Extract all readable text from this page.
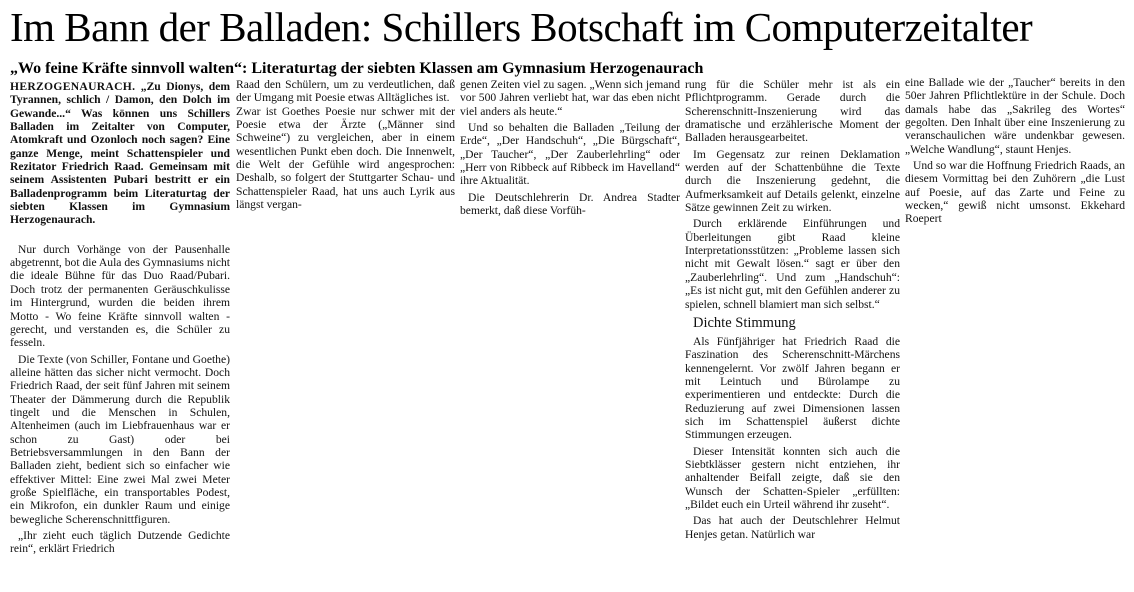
Im Bann der Balladen: Schillers Botschaft im Computerzeitalter
„Wo feine Kräfte sinnvoll walten“: Literaturtag der siebten Klassen am Gymnasium Herzogenaurach

HERZOGENAURACH. „Zu Dionys, dem Tyrannen, schlich / Damon, den Dolch im Gewande...“ Was können uns Schillers Balladen im Zeitalter von Computer, Atomkraft und Ozonloch noch sagen? Eine ganze Menge, meint Schattenspieler und Rezitator Friedrich Raad. Gemeinsam mit seinem Assistenten Pubari bestritt er ein Balladenprogramm beim Literaturtag der siebten Klassen im Gymnasium Herzogenaurach.

Nur durch Vorhänge von der Pausenhalle abgetrennt, bot die Aula des Gymnasiums nicht die ideale Bühne für das Duo Raad/Pubari. Doch trotz der permanenten Geräuschkulisse im Hintergrund, wurden die beiden ihrem Motto - Wo feine Kräfte sinnvoll walten - gerecht, und verstanden es, die Schüler zu fesseln.

Die Texte (von Schiller, Fontane und Goethe) alleine hätten das sicher nicht vermocht. Doch Friedrich Raad, der seit fünf Jahren mit seinem Theater der Dämmerung durch die Republik tingelt und die Menschen in Schulen, Altenheimen (auch im Liebfrauenhaus war er schon zu Gast) oder bei Betriebsversammlungen in den Bann der Balladen zieht, bedient sich so einfacher wie effektiver Mittel: Eine zwei Mal zwei Meter große Spielfläche, ein transportables Podest, ein Mikrofon, ein dunkler Raum und einige bewegliche Scherenschnittfiguren.

„Ihr zieht euch täglich Dutzende Gedichte rein“, erklärt Friedrich

Raad den Schülern, um zu verdeutlichen, daß der Umgang mit Poesie etwas Alltägliches ist.

Zwar ist Goethes Poesie nur schwer mit der Poesie etwa der Ärzte („Männer sind Schweine“) zu vergleichen, aber in einem wesentlichen Punkt eben doch. Die Innenwelt, die Welt der Gefühle wird angesprochen: Deshalb, so folgert der Stuttgarter Schau- und Schattenspieler Raad, hat uns auch Lyrik aus längst vergan-

genen Zeiten viel zu sagen. „Wenn sich jemand vor 500 Jahren verliebt hat, war das eben nicht viel anders als heute.“

Und so behalten die Balladen „Teilung der Erde“, „Der Handschuh“, „Die Bürgschaft“, „Der Taucher“, „Der Zauberlehrling“ oder „Herr von Ribbeck auf Ribbeck im Havelland“ ihre Aktualität.

Die Deutschlehrerin Dr. Andrea Stadter bemerkt, daß diese Vorfüh-

rung für die Schüler mehr ist als ein Pflichtprogramm. Gerade durch die Scherenschnitt-Inszenierung wird das dramatische und erzählerische Moment der Balladen herausgearbeitet.

Im Gegensatz zur reinen Deklamation werden auf der Schattenbühne die Texte durch die Inszenierung gedehnt, die Aufmerksamkeit auf Details gelenkt, einzelne Sätze gewinnen Zeit zu wirken.

Durch erklärende Einführungen und Überleitungen gibt Raad kleine Interpretationsstützen: „Probleme lassen sich nicht mit Gewalt lösen.“ sagt er über den „Zauberlehrling“. Und zum „Handschuh“: „Es ist nicht gut, mit den Gefühlen anderer zu spielen, schnell blamiert man sich selbst.“

Dichte Stimmung

Als Fünfjähriger hat Friedrich Raad die Faszination des Scherenschnitt-Märchens kennengelernt. Vor zwölf Jahren begann er mit Leintuch und Bürolampe zu experimentieren und entdeckte: Durch die Reduzierung auf zwei Dimensionen lassen sich im Schattenspiel äußerst dichte Stimmungen erzeugen.

Dieser Intensität konnten sich auch die Siebtklässer gestern nicht entziehen, ihr anhaltender Beifall zeigte, daß sie den Wunsch der Schatten-Spieler „erfüllten: „Bildet euch ein Urteil während ihr zuseht“.

Das hat auch der Deutschlehrer Helmut Henjes getan. Natürlich war

eine Ballade wie der „Taucher“ bereits in den 50er Jahren Pflichtlektüre in der Schule. Doch damals habe das „Sakrileg des Wortes“ gegolten. Den Inhalt über eine Inszenierung zu veranschaulichen wäre undenkbar gewesen. „Welche Wandlung“, staunt Henjes.

Und so war die Hoffnung Friedrich Raads, an diesem Vormittag bei den Zuhörern „die Lust auf Poesie, auf das Zarte und Feine zu wecken,“ gewiß nicht umsonst. Ekkehard Roepert
